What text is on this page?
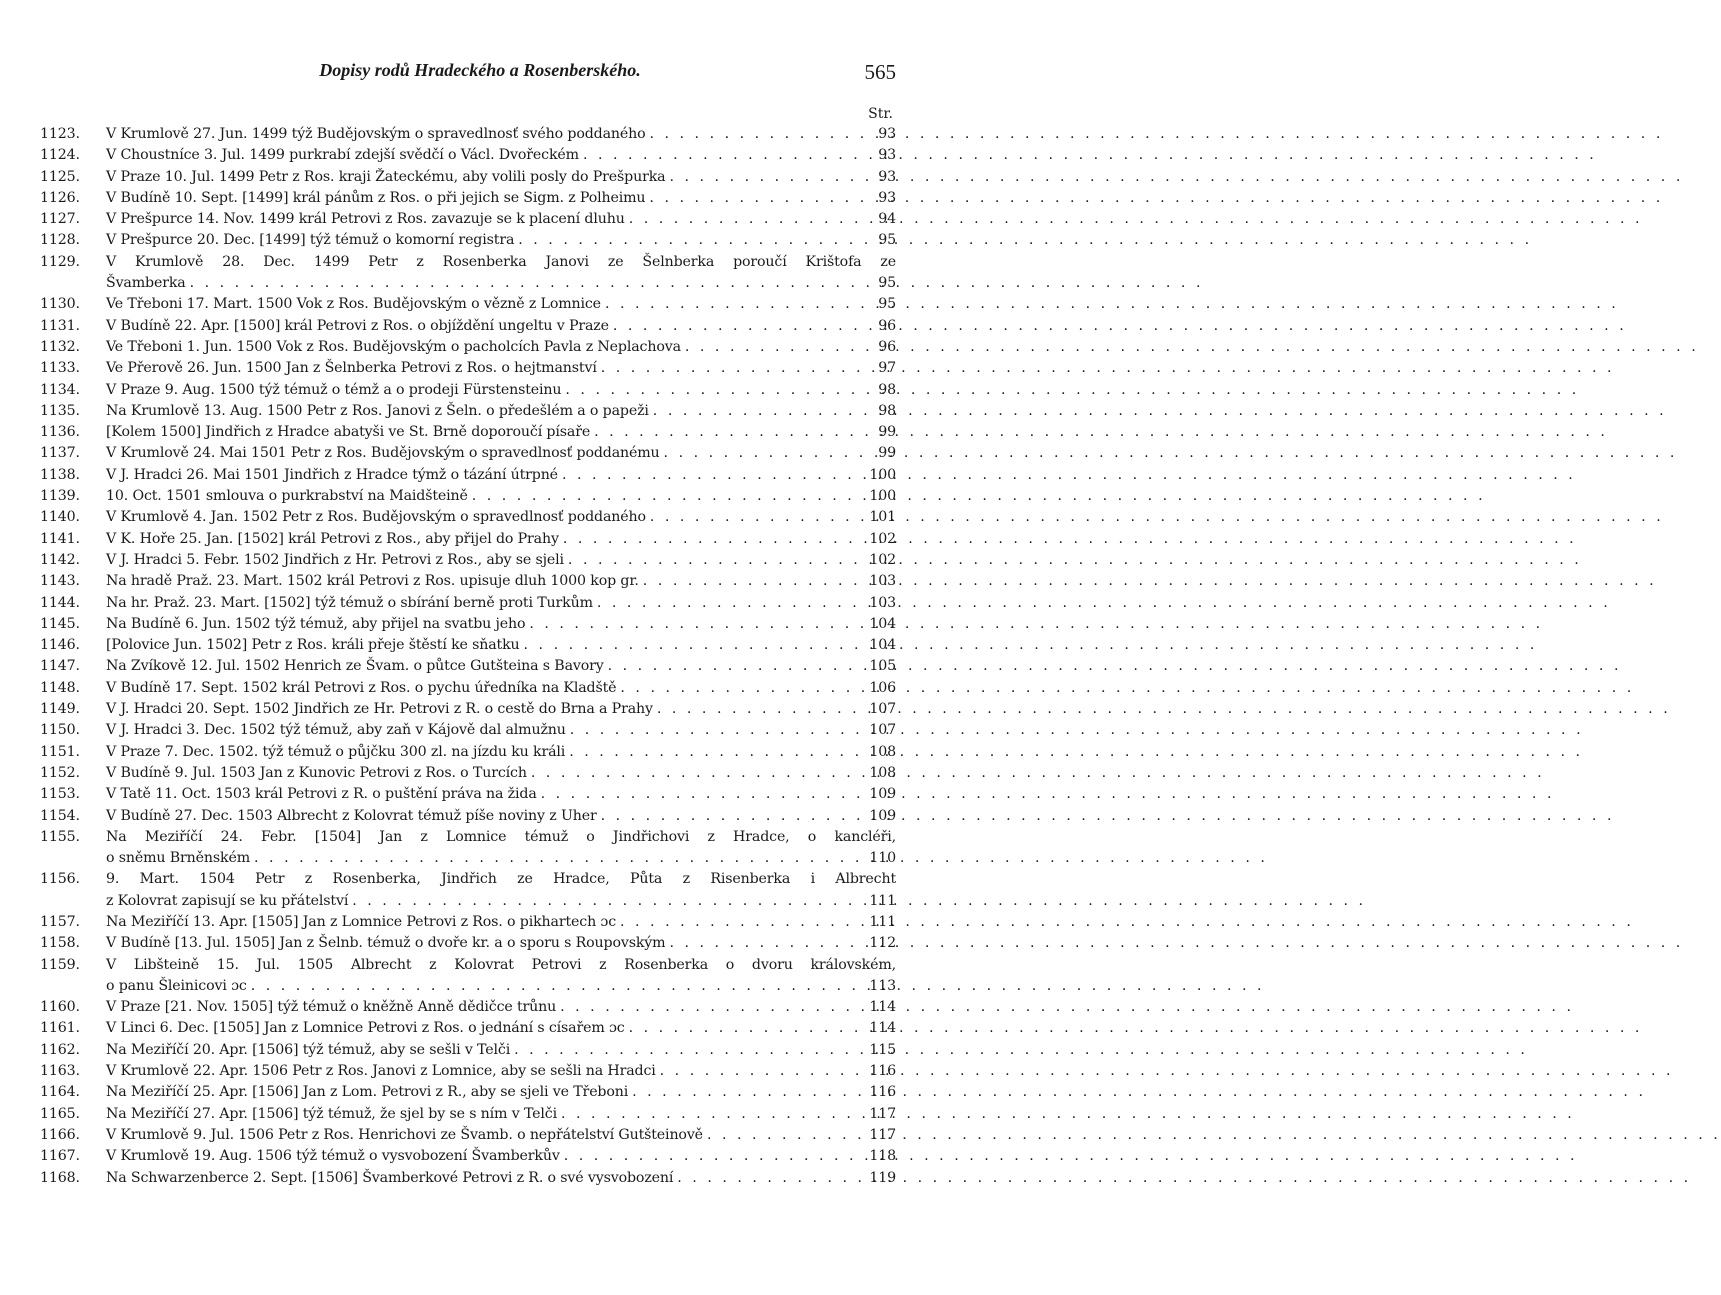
Dopisy rodů Hradeckého a Rosenberského.	565
Str.
1123.	V Krumlově 27. Jun. 1499 týž Budějovským o spravedlnosť svého poddaného . . .	93
1124.	V Choustníce 3. Jul. 1499 purkrabí zdejší svědčí o Václ. Dvořeckém . . .	93
1125.	V Praze 10. Jul. 1499 Petr z Ros. kraji Žateckému, aby volili posly do Prešpurka . . .	93
1126.	V Budíně 10. Sept. [1499] král pánům z Ros. o při jejich se Sigm. z Polheimu . . .	93
1127.	V Prešpurce 14. Nov. 1499 král Petrovi z Ros. zavazuje se k placení dluhu . . .	94
1128.	V Prešpurce 20. Dec. [1499] týž témuž o komorní registra . . .	95
1129.	V Krumlově 28. Dec. 1499 Petr z Rosenberka Janovi ze Šelnberka poroučí Krištofa ze
Švamberka . . .	95
1130.	Ve Třeboni 17. Mart. 1500 Vok z Ros. Budějovským o vězně z Lomnice . . .	95
1131.	V Budíně 22. Apr. [1500] král Petrovi z Ros. o objíždění ungeltu v Praze . . .	96
1132.	Ve Třeboni 1. Jun. 1500 Vok z Ros. Budějovským o pacholcích Pavla z Neplachova . . .	96
1133.	Ve Přerově 26. Jun. 1500 Jan z Šelnberka Petrovi z Ros. o hejtmanství . . .	97
1134.	V Praze 9. Aug. 1500 týž témuž o témž a o prodeji Fürstensteinu . . .	98
1135.	Na Krumlově 13. Aug. 1500 Petr z Ros. Janovi z Šeln. o předešlém a o papeži . . .	98
1136.	[Kolem 1500] Jindřich z Hradce abatyši ve St. Brně doporoučí písaře . . .	99
1137.	V Krumlově 24. Mai 1501 Petr z Ros. Budějovským o spravedlnosť poddanému . . .	99
1138.	V J. Hradci 26. Mai 1501 Jindřich z Hradce týmž o tázání útrpné . . .	100
1139.	10. Oct. 1501 smlouva o purkrabství na Maidšteině . . .	100
1140.	V Krumlově 4. Jan. 1502 Petr z Ros. Budějovským o spravedlnosť poddaného . . .	101
1141.	V K. Hoře 25. Jan. [1502] král Petrovi z Ros., aby přijel do Prahy . . .	102
1142.	V J. Hradci 5. Febr. 1502 Jindřich z Hr. Petrovi z Ros., aby se sjeli . . .	102
1143.	Na hradě Praž. 23. Mart. 1502 král Petrovi z Ros. upisuje dluh 1000 kop gr. . . .	103
1144.	Na hr. Praž. 23. Mart. [1502] týž témuž o sbírání berně proti Turkům . . .	103
1145.	Na Budíně 6. Jun. 1502 týž témuž, aby přijel na svatbu jeho . . .	104
1146.	[Polovice Jun. 1502] Petr z Ros. králi přeje štěstí ke sňatku . . .	104
1147.	Na Zvíkově 12. Jul. 1502 Henrich ze Švam. o půtce Gutšteina s Bavory . . .	105
1148.	V Budíně 17. Sept. 1502 král Petrovi z Ros. o pychu úředníka na Kladště . . .	106
1149.	V J. Hradci 20. Sept. 1502 Jindřich ze Hr. Petrovi z R. o cestě do Brna a Prahy . . .	107
1150.	V J. Hradci 3. Dec. 1502 týž témuž, aby zaň v Kájově dal almužnu . . .	107
1151.	V Praze 7. Dec. 1502. týž témuž o půjčku 300 zl. na jízdu ku králi . . .	108
1152.	V Budíně 9. Jul. 1503 Jan z Kunovic Petrovi z Ros. o Turcích . . .	108
1153.	V Tatě 11. Oct. 1503 král Petrovi z R. o puštění práva na žida . . .	109
1154.	V Budíně 27. Dec. 1503 Albrecht z Kolovrat témuž píše noviny z Uher . . .	109
1155.	Na Meziříčí 24. Febr. [1504] Jan z Lomnice témuž o Jindřichovi z Hradce, o kancléři,
o sněmu Brněnském . . .	110
1156.	9. Mart. 1504 Petr z Rosenberka, Jindřich ze Hradce, Půta z Risenberka i Albrecht
z Kolovrat zapisují se ku přátelství . . .	111
1157.	Na Meziříčí 13. Apr. [1505] Jan z Lomnice Petrovi z Ros. o pikhartech ɔc . . .	111
1158.	V Budíně [13. Jul. 1505] Jan z Šelnb. témuž o dvoře kr. a o sporu s Roupovským . . .	112
1159.	V Libšteině 15. Jul. 1505 Albrecht z Kolovrat Petrovi z Rosenberka o dvoru královském,
o panu Šleinicovi ɔc . . .	113
1160.	V Praze [21. Nov. 1505] týž témuž o kněžně Anně dědičce trůnu . . .	114
1161.	V Linci 6. Dec. [1505] Jan z Lomnice Petrovi z Ros. o jednání s císařem ɔc . . .	114
1162.	Na Meziříčí 20. Apr. [1506] týž témuž, aby se sešli v Telči . . .	115
1163.	V Krumlově 22. Apr. 1506 Petr z Ros. Janovi z Lomnice, aby se sešli na Hradci . . .	116
1164.	Na Meziříčí 25. Apr. [1506] Jan z Lom. Petrovi z R., aby se sjeli ve Třeboni . . .	116
1165.	Na Meziříčí 27. Apr. [1506] týž témuž, že sjel by se s ním v Telči . . .	117
1166.	V Krumlově 9. Jul. 1506 Petr z Ros. Henrichovi ze Švamb. o nepřátelství Gutšteinově . . .	117
1167.	V Krumlově 19. Aug. 1506 týž témuž o vysvobození Švamberkův . . .	118
1168.	Na Schwarzenberce 2. Sept. [1506] Švamberkové Petrovi z R. o své vysvobození . . .	119
